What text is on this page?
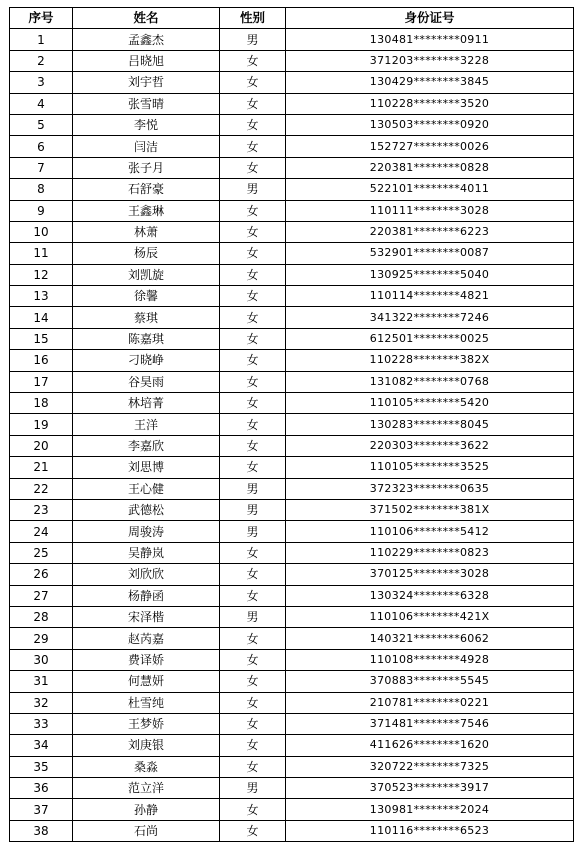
序号	姓名	性别	身份证号
1	孟鑫杰	男	130481********0911
2	吕晓旭	女	371203********3228
3	刘宇哲	女	130429********3845
4	张雪晴	女	110228********3520
5	李悦	女	130503********0920
6	闫洁	女	152727********0026
7	张子月	女	220381********0828
8	石舒豪	男	522101********4011
9	王鑫琳	女	110111********3028
10	林萧	女	220381********6223
11	杨辰	女	532901********0087
12	刘凯旋	女	130925********5040
13	徐馨	女	110114********4821
14	蔡琪	女	341322********7246
15	陈嘉琪	女	612501********0025
16	刁晓峥	女	110228********382X
17	谷昊雨	女	131082********0768
18	林培菁	女	110105********5420
19	王洋	女	130283********8045
20	李嘉欣	女	220303********3622
21	刘思博	女	110105********3525
22	王心健	男	372323********0635
23	武德松	男	371502********381X
24	周骏涛	男	110106********5412
25	吴静岚	女	110229********0823
26	刘欣欣	女	370125********3028
27	杨静函	女	130324********6328
28	宋泽楷	男	110106********421X
29	赵芮嘉	女	140321********6062
30	费译娇	女	110108********4928
31	何慧妍	女	370883********5545
32	杜雪纯	女	210781********0221
33	王梦娇	女	371481********7546
34	刘庚银	女	411626********1620
35	桑淼	女	320722********7325
36	范立洋	男	370523********3917
37	孙静	女	130981********2024
38	石尚	女	110116********6523
